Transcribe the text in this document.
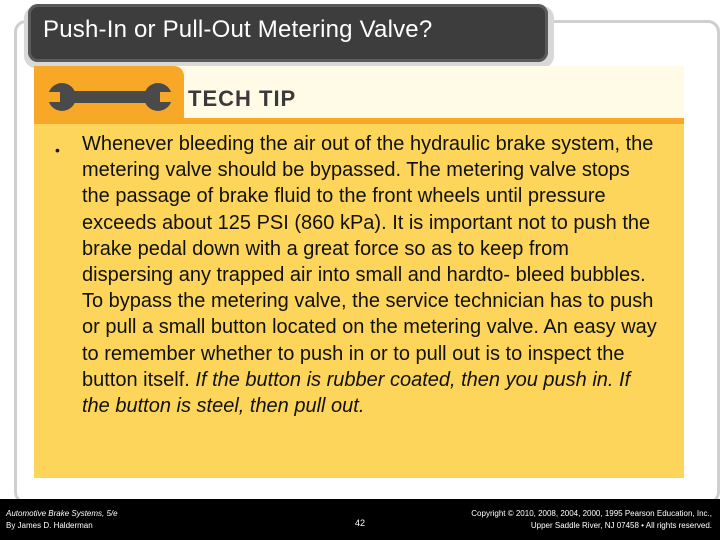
Push-In or Pull-Out Metering Valve?
TECH TIP
• Whenever bleeding the air out of the hydraulic brake system, the metering valve should be bypassed. The metering valve stops the passage of brake fluid to the front wheels until pressure exceeds about 125 PSI (860 kPa). It is important not to push the brake pedal down with a great force so as to keep from dispersing any trapped air into small and hardto- bleed bubbles. To bypass the metering valve, the service technician has to push or pull a small button located on the metering valve. An easy way to remember whether to push in or to pull out is to inspect the button itself. If the button is rubber coated, then you push in. If the button is steel, then pull out.
Automotive Brake Systems, 5/e
By James D. Halderman	42
Copyright © 2010, 2008, 2004, 2000, 1995 Pearson Education, Inc.,
Upper Saddle River, NJ 07458 • All rights reserved.
